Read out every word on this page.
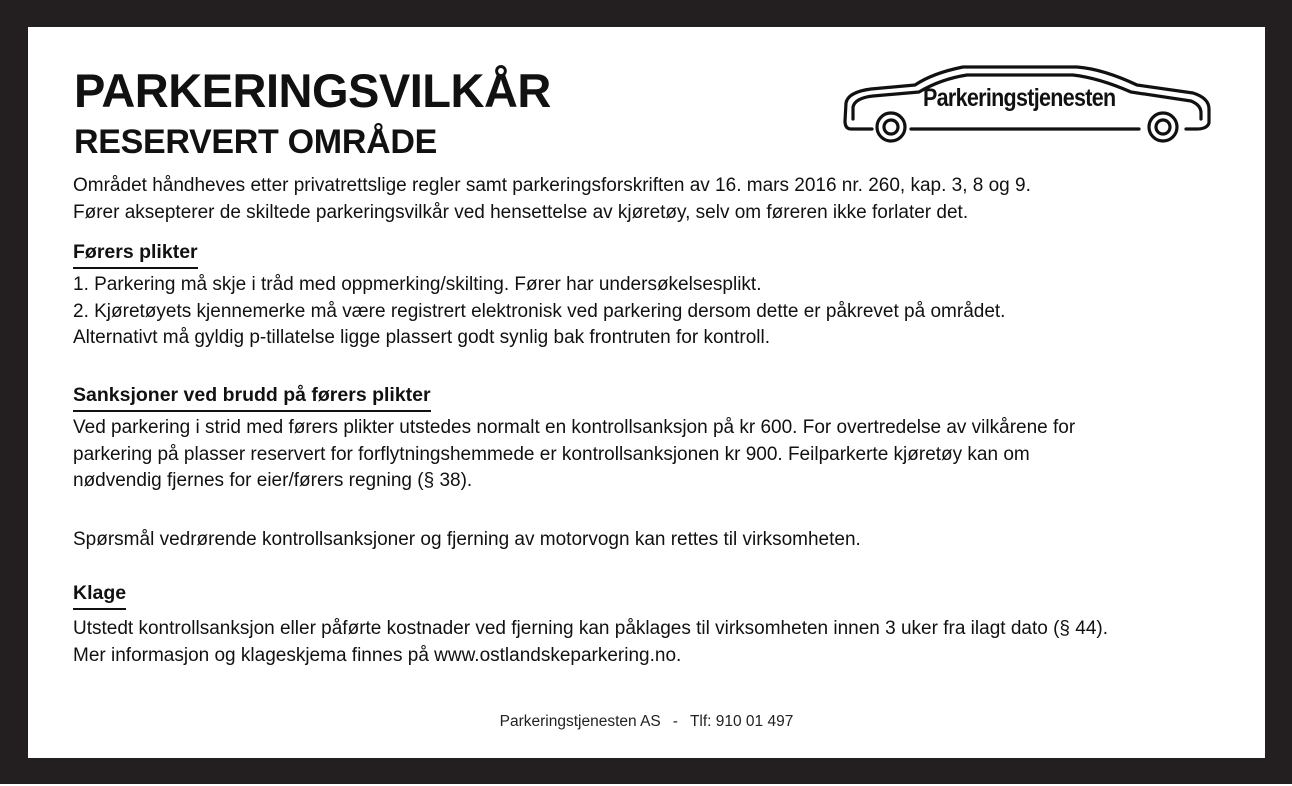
PARKERINGSVILKÅR
RESERVERT OMRÅDE
Parkeringstjenesten

Området håndheves etter privatrettslige regler samt parkeringsforskriften av 16. mars 2016 nr. 260, kap. 3, 8 og 9.

Fører aksepterer de skiltede parkeringsvilkår ved hensettelse av kjøretøy, selv om føreren ikke forlater det.

Førers plikter

1. Parkering må skje i tråd med oppmerking/skilting. Fører har undersøkelsesplikt.

2. Kjøretøyets kjennemerke må være registrert elektronisk ved parkering dersom dette er påkrevet på området.

Alternativt må gyldig p-tillatelse ligge plassert godt synlig bak frontruten for kontroll.

Sanksjoner ved brudd på førers plikter

Ved parkering i strid med førers plikter utstedes normalt en kontrollsanksjon på kr 600. For overtredelse av vilkårene for

parkering på plasser reservert for forflytningshemmede er kontrollsanksjonen kr 900. Feilparkerte kjøretøy kan om

nødvendig fjernes for eier/førers regning (§ 38).

Spørsmål vedrørende kontrollsanksjoner og fjerning av motorvogn kan rettes til virksomheten.

Klage

Utstedt kontrollsanksjon eller påførte kostnader ved fjerning kan påklages til virksomheten innen 3 uker fra ilagt dato (§ 44).

Mer informasjon og klageskjema finnes på www.ostlandskeparkering.no.

Parkeringstjenesten AS - Tlf: 910 01 497
